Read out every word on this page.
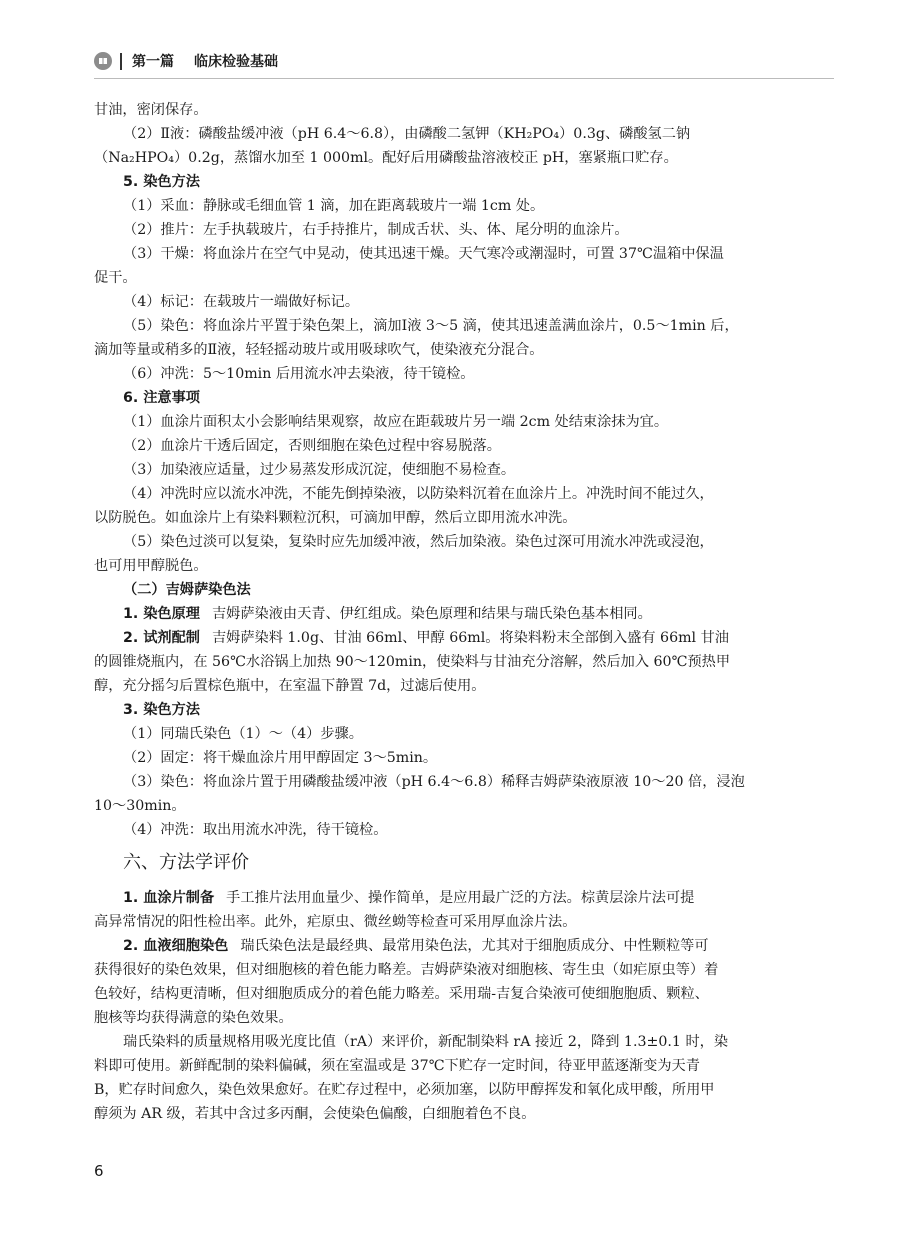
第一篇 临床检验基础
甘油，密闭保存。
（2）Ⅱ液：磷酸盐缓冲液（pH 6.4～6.8），由磷酸二氢钾（KH₂PO₄）0.3g、磷酸氢二钠
（Na₂HPO₄）0.2g，蒸馏水加至 1 000ml。配好后用磷酸盐溶液校正 pH，塞紧瓶口贮存。
5. 染色方法
（1）采血：静脉或毛细血管 1 滴，加在距离载玻片一端 1cm 处。
（2）推片：左手执载玻片，右手持推片，制成舌状、头、体、尾分明的血涂片。
（3）干燥：将血涂片在空气中晃动，使其迅速干燥。天气寒冷或潮湿时，可置 37℃温箱中保温
促干。
（4）标记：在载玻片一端做好标记。
（5）染色：将血涂片平置于染色架上，滴加Ⅰ液 3～5 滴，使其迅速盖满血涂片，0.5～1min 后，
滴加等量或稍多的Ⅱ液，轻轻摇动玻片或用吸球吹气，使染液充分混合。
（6）冲洗：5～10min 后用流水冲去染液，待干镜检。
6. 注意事项
（1）血涂片面积太小会影响结果观察，故应在距载玻片另一端 2cm 处结束涂抹为宜。
（2）血涂片干透后固定，否则细胞在染色过程中容易脱落。
（3）加染液应适量，过少易蒸发形成沉淀，使细胞不易检查。
（4）冲洗时应以流水冲洗，不能先倒掉染液，以防染料沉着在血涂片上。冲洗时间不能过久，
以防脱色。如血涂片上有染料颗粒沉积，可滴加甲醇，然后立即用流水冲洗。
（5）染色过淡可以复染，复染时应先加缓冲液，然后加染液。染色过深可用流水冲洗或浸泡，
也可用甲醇脱色。
（二）吉姆萨染色法
1. 染色原理 吉姆萨染液由天青、伊红组成。染色原理和结果与瑞氏染色基本相同。
2. 试剂配制 吉姆萨染料 1.0g、甘油 66ml、甲醇 66ml。将染料粉末全部倒入盛有 66ml 甘油
的圆锥烧瓶内，在 56℃水浴锅上加热 90～120min，使染料与甘油充分溶解，然后加入 60℃预热甲
醇，充分摇匀后置棕色瓶中，在室温下静置 7d，过滤后使用。
3. 染色方法
（1）同瑞氏染色（1）～（4）步骤。
（2）固定：将干燥血涂片用甲醇固定 3～5min。
（3）染色：将血涂片置于用磷酸盐缓冲液（pH 6.4～6.8）稀释吉姆萨染液原液 10～20 倍，浸泡
10～30min。
（4）冲洗：取出用流水冲洗，待干镜检。
六、方法学评价
1. 血涂片制备 手工推片法用血量少、操作简单，是应用最广泛的方法。棕黄层涂片法可提
高异常情况的阳性检出率。此外，疟原虫、微丝蚴等检查可采用厚血涂片法。
2. 血液细胞染色 瑞氏染色法是最经典、最常用染色法，尤其对于细胞质成分、中性颗粒等可
获得很好的染色效果，但对细胞核的着色能力略差。吉姆萨染液对细胞核、寄生虫（如疟原虫等）着
色较好，结构更清晰，但对细胞质成分的着色能力略差。采用瑞-吉复合染液可使细胞胞质、颗粒、
胞核等均获得满意的染色效果。
瑞氏染料的质量规格用吸光度比值（rA）来评价，新配制染料 rA 接近 2，降到 1.3±0.1 时，染
料即可使用。新鲜配制的染料偏碱，须在室温或是 37℃下贮存一定时间，待亚甲蓝逐渐变为天青
B，贮存时间愈久，染色效果愈好。在贮存过程中，必须加塞，以防甲醇挥发和氧化成甲酸，所用甲
醇须为 AR 级，若其中含过多丙酮，会使染色偏酸，白细胞着色不良。
6
